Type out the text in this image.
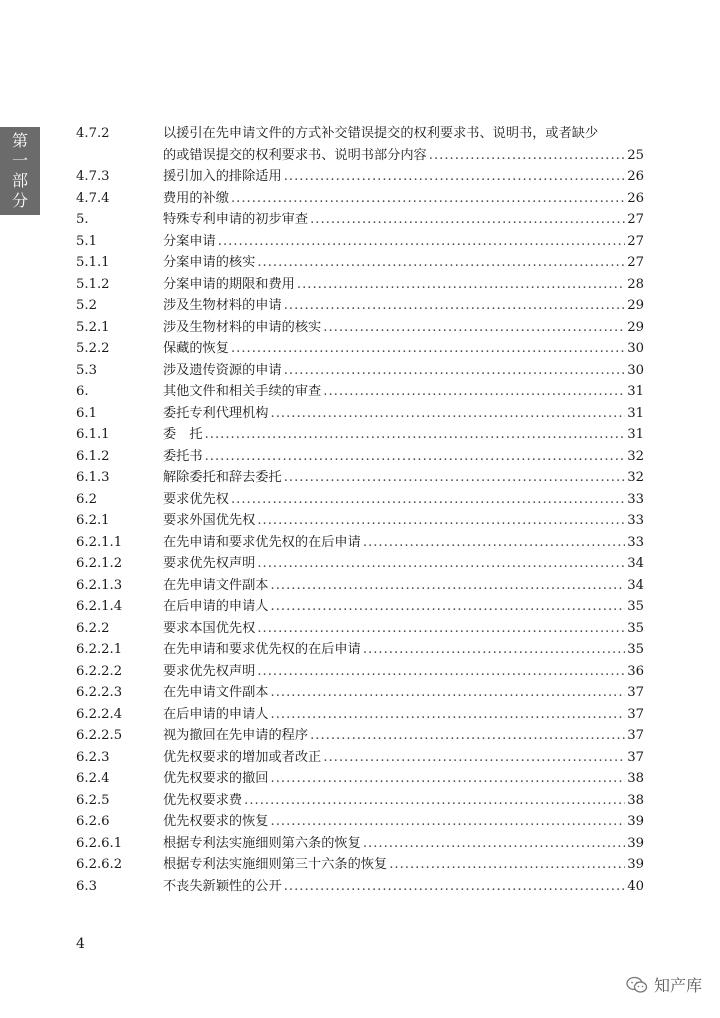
第一部分
4.7.2	以援引在先申请文件的方式补交错误提交的权利要求书、说明书，或者缺少
的或错误提交的权利要求书、说明书部分内容 .....	25
4.7.3	援引加入的排除适用 .....	26
4.7.4	费用的补缴 .....	26
5.	特殊专利申请的初步审查 .....	27
5.1	分案申请 .....	27
5.1.1	分案申请的核实 .....	27
5.1.2	分案申请的期限和费用 .....	28
5.2	涉及生物材料的申请 .....	29
5.2.1	涉及生物材料的申请的核实 .....	29
5.2.2	保藏的恢复 .....	30
5.3	涉及遗传资源的申请 .....	30
6.	其他文件和相关手续的审查 .....	31
6.1	委托专利代理机构 .....	31
6.1.1	委　托 .....	31
6.1.2	委托书 .....	32
6.1.3	解除委托和辞去委托 .....	32
6.2	要求优先权 .....	33
6.2.1	要求外国优先权 .....	33
6.2.1.1	在先申请和要求优先权的在后申请 .....	33
6.2.1.2	要求优先权声明 .....	34
6.2.1.3	在先申请文件副本 .....	34
6.2.1.4	在后申请的申请人 .....	35
6.2.2	要求本国优先权 .....	35
6.2.2.1	在先申请和要求优先权的在后申请 .....	35
6.2.2.2	要求优先权声明 .....	36
6.2.2.3	在先申请文件副本 .....	37
6.2.2.4	在后申请的申请人 .....	37
6.2.2.5	视为撤回在先申请的程序 .....	37
6.2.3	优先权要求的增加或者改正 .....	37
6.2.4	优先权要求的撤回 .....	38
6.2.5	优先权要求费 .....	38
6.2.6	优先权要求的恢复 .....	39
6.2.6.1	根据专利法实施细则第六条的恢复 .....	39
6.2.6.2	根据专利法实施细则第三十六条的恢复 .....	39
6.3	不丧失新颖性的公开 .....	40
4
知产库
